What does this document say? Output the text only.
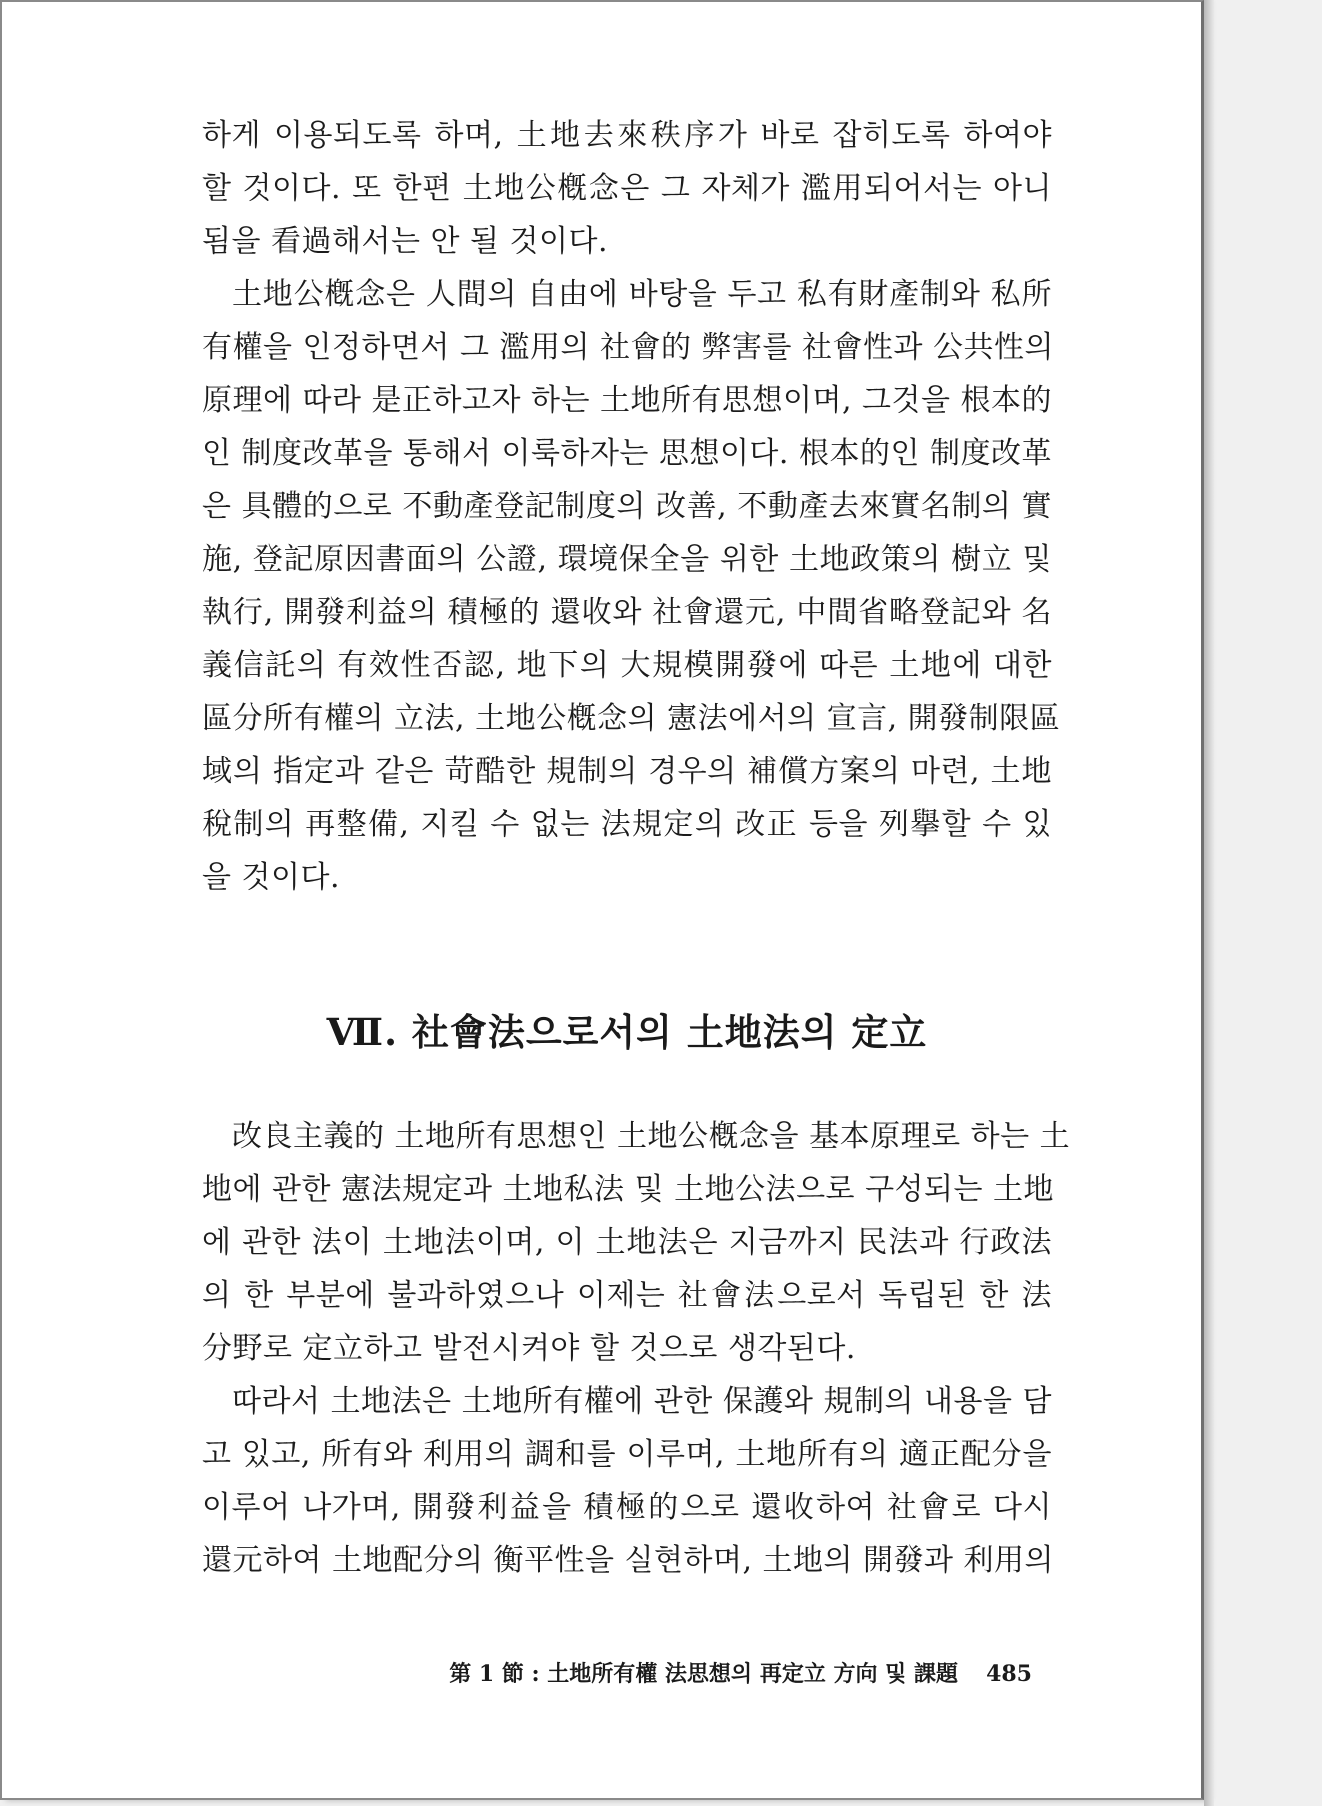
하게 이용되도록 하며, 土地去來秩序가 바로 잡히도록 하여야
할 것이다. 또 한편 土地公槪念은 그 자체가 濫用되어서는 아니
됨을 看過해서는 안 될 것이다.
土地公槪念은 人間의 自由에 바탕을 두고 私有財產制와 私所
有權을 인정하면서 그 濫用의 社會的 弊害를 社會性과 公共性의
原理에 따라 是正하고자 하는 土地所有思想이며, 그것을 根本的
인 制度改革을 통해서 이룩하자는 思想이다. 根本的인 制度改革
은 具體的으로 不動產登記制度의 改善, 不動產去來實名制의 實
施, 登記原因書面의 公證, 環境保全을 위한 土地政策의 樹立 및
執行, 開發利益의 積極的 還收와 社會還元, 中間省略登記와 名
義信託의 有效性否認, 地下의 大規模開發에 따른 土地에 대한
區分所有權의 立法, 土地公槪念의 憲法에서의 宣言, 開發制限區
域의 指定과 같은 苛酷한 規制의 경우의 補償方案의 마련, 土地
稅制의 再整備, 지킬 수 없는 法規定의 改正 등을 列擧할 수 있
을 것이다.
Ⅶ. 社會法으로서의 土地法의 定立
改良主義的 土地所有思想인 土地公槪念을 基本原理로 하는 土
地에 관한 憲法規定과 土地私法 및 土地公法으로 구성되는 土地
에 관한 法이 土地法이며, 이 土地法은 지금까지 民法과 行政法
의 한 부분에 불과하였으나 이제는 社會法으로서 독립된 한 法
分野로 定立하고 발전시켜야 할 것으로 생각된다.
따라서 土地法은 土地所有權에 관한 保護와 規制의 내용을 담
고 있고, 所有와 利用의 調和를 이루며, 土地所有의 適正配分을
이루어 나가며, 開發利益을 積極的으로 還收하여 社會로 다시
還元하여 土地配分의 衡平性을 실현하며, 土地의 開發과 利用의
第 1 節 : 土地所有權 法思想의 再定立 方向 및 課題 485
